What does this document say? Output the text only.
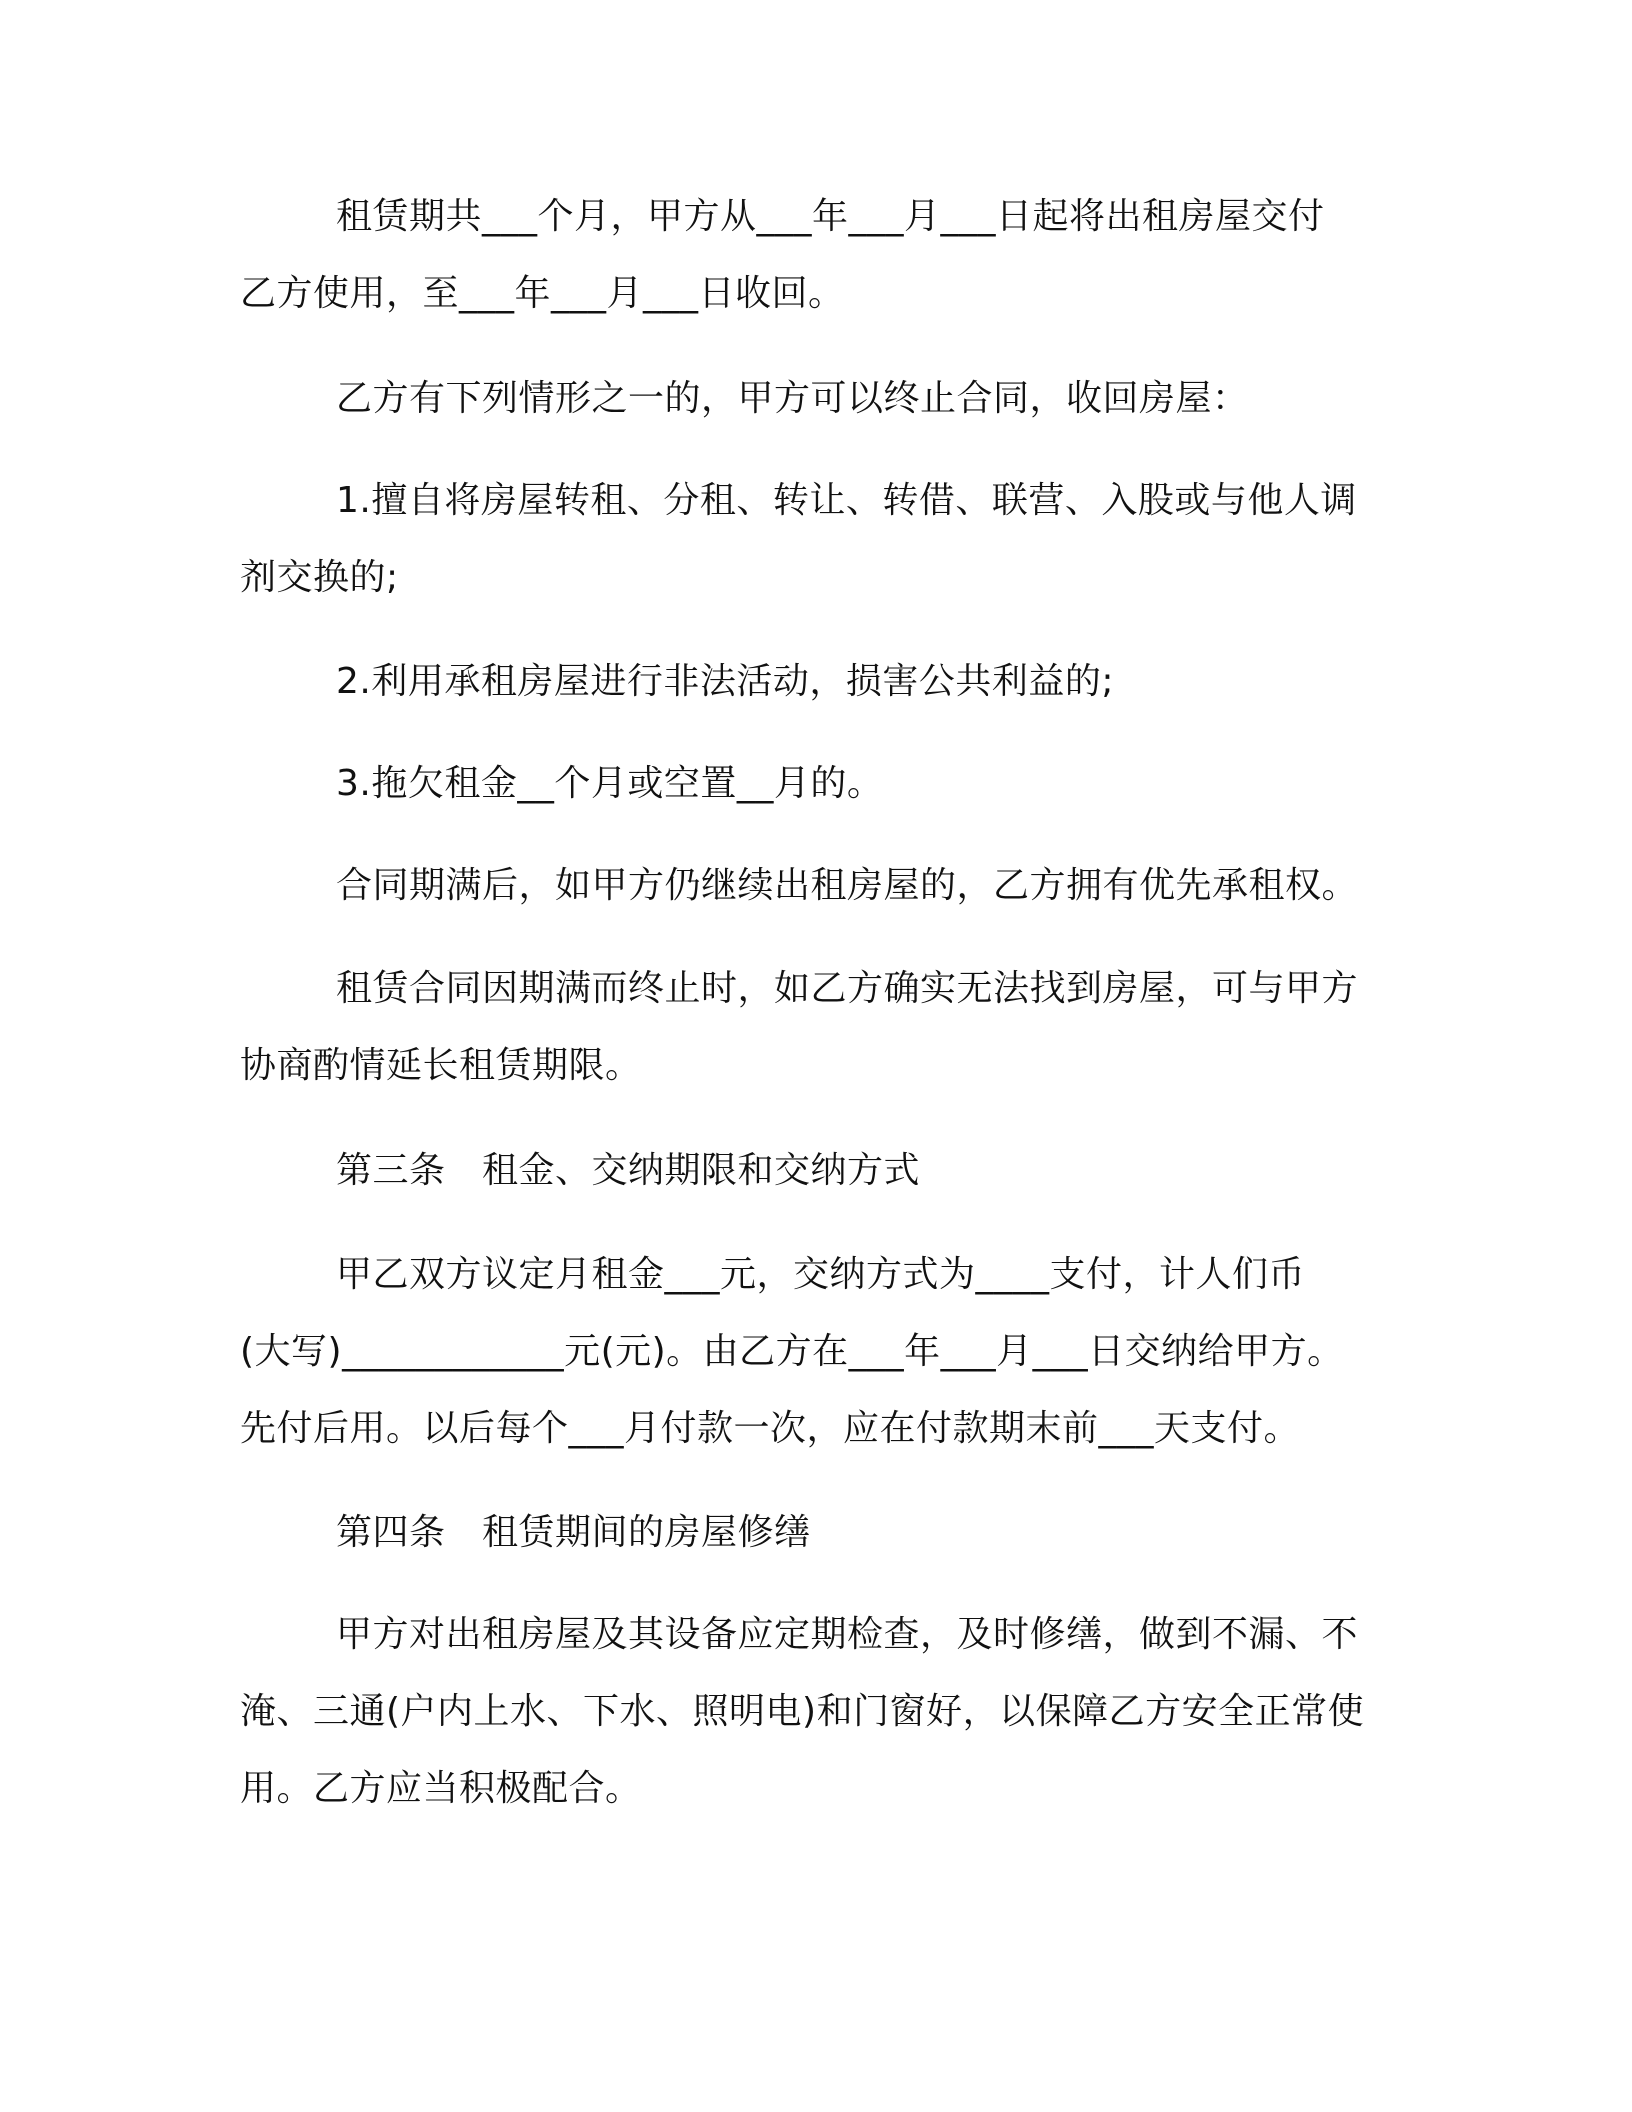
租赁期共___个月，甲方从___年___月___日起将出租房屋交付
乙方使用，至___年___月___日收回。
乙方有下列情形之一的，甲方可以终止合同，收回房屋：
1.擅自将房屋转租、分租、转让、转借、联营、入股或与他人调
剂交换的;
2.利用承租房屋进行非法活动，损害公共利益的;
3.拖欠租金__个月或空置__月的。
合同期满后，如甲方仍继续出租房屋的，乙方拥有优先承租权。
租赁合同因期满而终止时，如乙方确实无法找到房屋，可与甲方
协商酌情延长租赁期限。
第三条　租金、交纳期限和交纳方式
甲乙双方议定月租金___元，交纳方式为____支付，计人们币
(大写)____________元(元)。由乙方在___年___月___日交纳给甲方。
先付后用。以后每个___月付款一次，应在付款期末前___天支付。
第四条　租赁期间的房屋修缮
甲方对出租房屋及其设备应定期检查，及时修缮，做到不漏、不
淹、三通(户内上水、下水、照明电)和门窗好，以保障乙方安全正常使
用。乙方应当积极配合。
